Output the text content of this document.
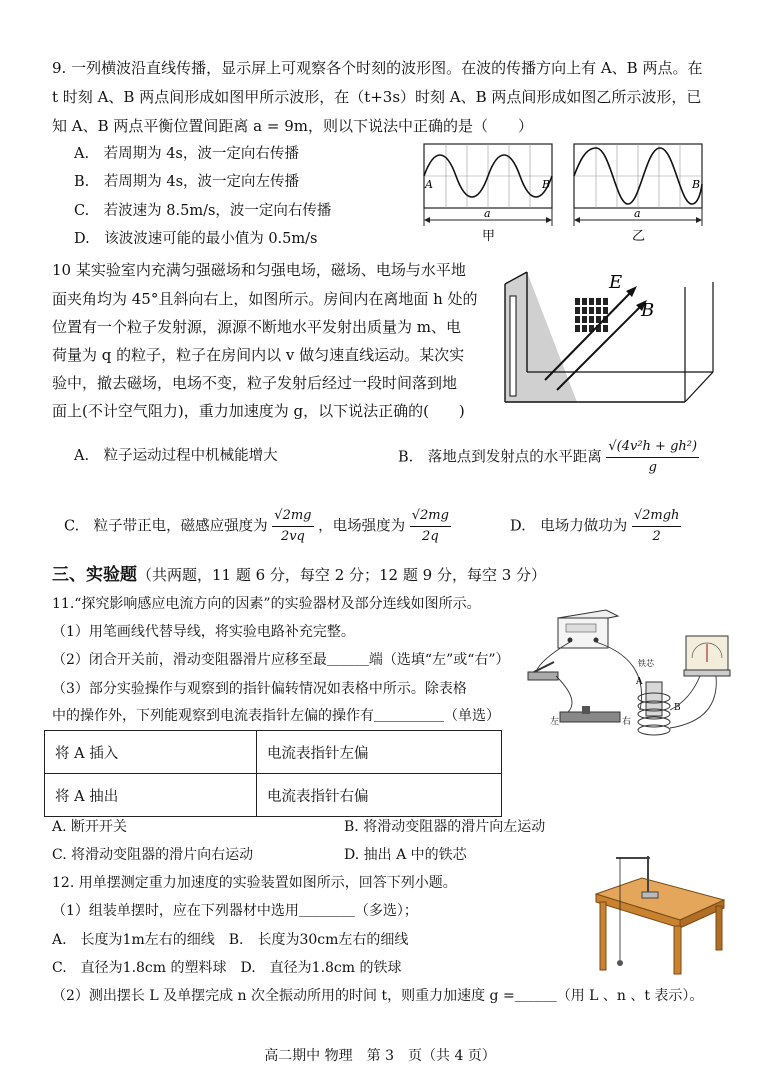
9. 一列横波沿直线传播，显示屏上可观察各个时刻的波形图。在波的传播方向上有 A、B 两点。在
t 时刻 A、B 两点间形成如图甲所示波形，在（t+3s）时刻 A、B 两点间形成如图乙所示波形，已
知 A、B 两点平衡位置间距离 a = 9m，则以下说法中正确的是（　　）
A.　若周期为 4s，波一定向右传播
B.　若周期为 4s，波一定向左传播
C.　若波速为 8.5m/s，波一定向右传播
D.　该波波速可能的最小值为 0.5m/s
A	B
a
甲
B
a
乙
10 某实验室内充满匀强磁场和匀强电场，磁场、电场与水平地
面夹角均为 45°且斜向右上，如图所示。房间内在离地面 h 处的
位置有一个粒子发射源，源源不断地水平发射出质量为 m、电
荷量为 q 的粒子，粒子在房间内以 v 做匀速直线运动。某次实
验中，撤去磁场，电场不变，粒子发射后经过一段时间落到地
面上(不计空气阻力)，重力加速度为 g，以下说法正确的(　　)
E
B
A.　粒子运动过程中机械能增大	B.　落地点到发射点的水平距离 $\frac{\text{√(4v²h + gh²)}}{g}$
C.　粒子带正电，磁感应强度为 $\frac{√2mg}{2vq}$ ，电场强度为 $\frac{√2mg}{2q}$	D.　电场力做功为 $\frac{\text{√2mgh}}{2}$
三、实验题（共两题，11 题 6 分，每空 2 分；12 题 9 分，每空 3 分）
11.“探究影响感应电流方向的因素”的实验器材及部分连线如图所示。
（1）用笔画线代替导线，将实验电路补充完整。
（2）闭合开关前，滑动变阻器滑片应移至最＿＿＿端（选填“左”或“右”）
（3）部分实验操作与观察到的指针偏转情况如表格中所示。除表格
中的操作外，下列能观察到电流表指针左偏的操作有＿＿＿＿＿（单选）	左	右
铁芯
A
B
将 A 插入	电流表指针左偏
将 A 抽出	电流表指针右偏
A. 断开开关	B. 将滑动变阻器的滑片向左运动
C. 将滑动变阻器的滑片向右运动	D. 抽出 A 中的铁芯
12. 用单摆测定重力加速度的实验装置如图所示，回答下列小题。
（1）组装单摆时，应在下列器材中选用＿＿＿＿（多选）；
A.　长度为1m左右的细线　B.　长度为30cm左右的细线
C.　直径为1.8cm 的塑料球　D.　直径为1.8cm 的铁球
（2）测出摆长 L 及单摆完成 n 次全振动所用的时间 t，则重力加速度 g =＿＿＿（用 L 、n 、t 表示）。
高二期中 物理　第 3　页（共 4 页）
